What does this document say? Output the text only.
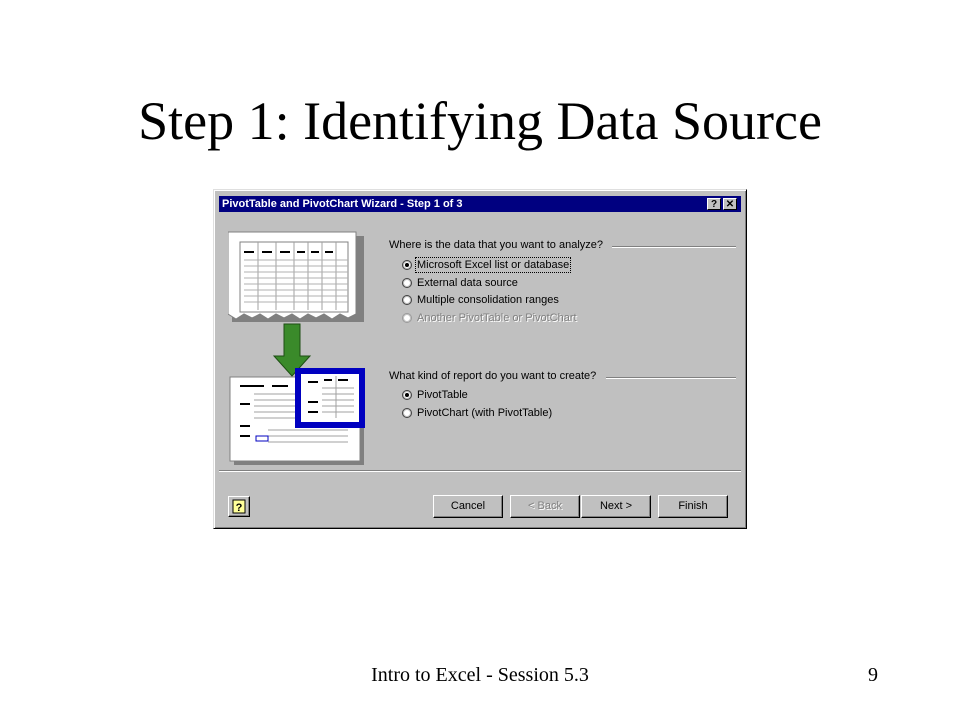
Step 1: Identifying Data Source
PivotTable and PivotChart Wizard - Step 1 of 3	? ✕
Where is the data that you want to analyze?
Microsoft Excel list or database
External data source
Multiple consolidation ranges
Another PivotTable or PivotChart
What kind of report do you want to create?
PivotTable
PivotChart (with PivotTable)
?	Cancel	< Back	Next >	Finish
Intro to Excel - Session 5.3	9
